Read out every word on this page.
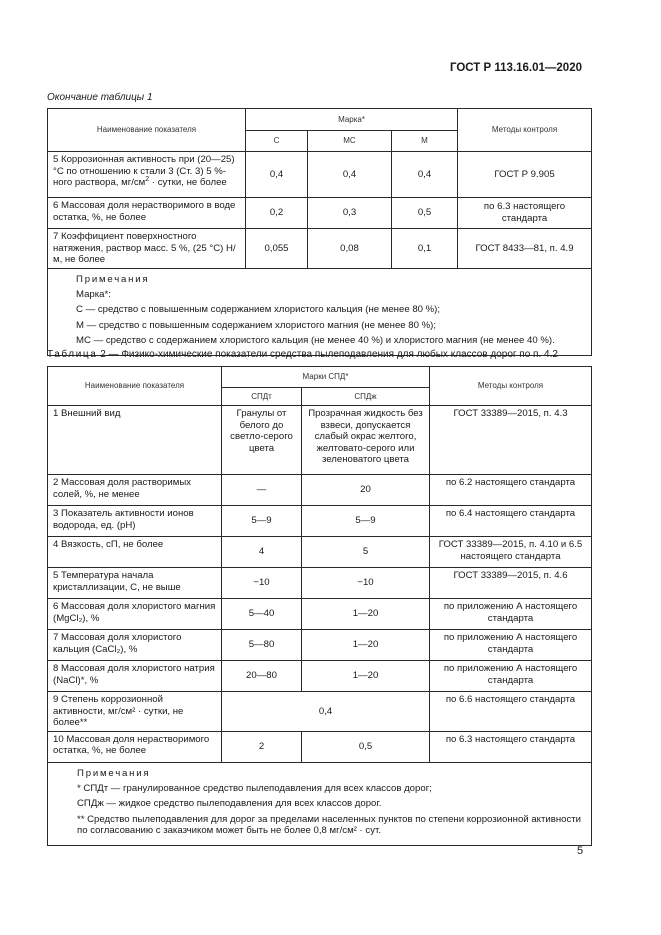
ГОСТ Р 113.16.01—2020
Окончание таблицы 1
Наименование показателя	Марка*			Методы контроля
	С	МС	М	
5 Коррозионная активность при (20—25) °С по отношению к стали 3 (Ст. 3) 5 %-ного раствора, $мг/см^2$ · сутки, не более	0,4	0,4	0,4	ГОСТ Р 9.905
6 Массовая доля нерастворимого в воде остатка, %, не более	0,2	0,3	0,5	по 6.3 настоящего стандарта
7 Коэффициент поверхностного натяжения, раствор масс. 5 %, (25 °С) Н/м, не более	0,055	0,08	0,1	ГОСТ 8433—81, п. 4.9

Примечания
Марка*:
С — средство с повышенным содержанием хлористого кальция (не менее 80 %);
М — средство с повышенным содержанием хлористого магния (не менее 80 %);
МС — средство с содержанием хлористого кальция (не менее 40 %) и хлористого магния (не менее 40 %).				
Таблица 2 — Физико-химические показатели средства пылеподавления для любых классов дорог по п. 4.2
Наименование показателя	Марки СПД*		Методы контроля
	СПДт	СПДж	
1 Внешний вид	Гранулы от белого до светло-серого цвета	Прозрачная жидкость без взвеси, допускается слабый окрас желтого, желтовато-серого или зеленоватого цвета	ГОСТ 33389—2015, п. 4.3
2 Массовая доля растворимых солей, %, не менее	—	20	по 6.2 настоящего стандарта
3 Показатель активности ионов водорода, ед. (pH)	5—9	5—9	по 6.4 настоящего стандарта
4 Вязкость, сП, не более	4	5	ГОСТ 33389—2015, п. 4.10 и 6.5 настоящего стандарта
5 Температура начала кристаллизации, С, не выше	−10	−10	ГОСТ 33389—2015, п. 4.6
6 Массовая доля хлористого магния (MgCl₂), %	5—40	1—20	по приложению А настоящего стандарта
7 Массовая доля хлористого кальция (CaCl₂), %	5—80	1—20	по приложению А настоящего стандарта
8 Массовая доля хлористого натрия (NaCl)*, %	20—80	1—20	по приложению А настоящего стандарта
9 Степень коррозионной активности, мг/см² · сутки, не более**	0,4		по 6.6 настоящего стандарта
10 Массовая доля нерастворимого остатка, %, не более	2	0,5	по 6.3 настоящего стандарта

Примечания
* СПДт — гранулированное средство пылеподавления для всех классов дорог;
СПДж — жидкое средство пылеподавления для всех классов дорог.
** Средство пылеподавления для дорог за пределами населенных пунктов по степени коррозионной активности по согласованию с заказчиком может быть не более 0,8 мг/см² · сут.			
5
